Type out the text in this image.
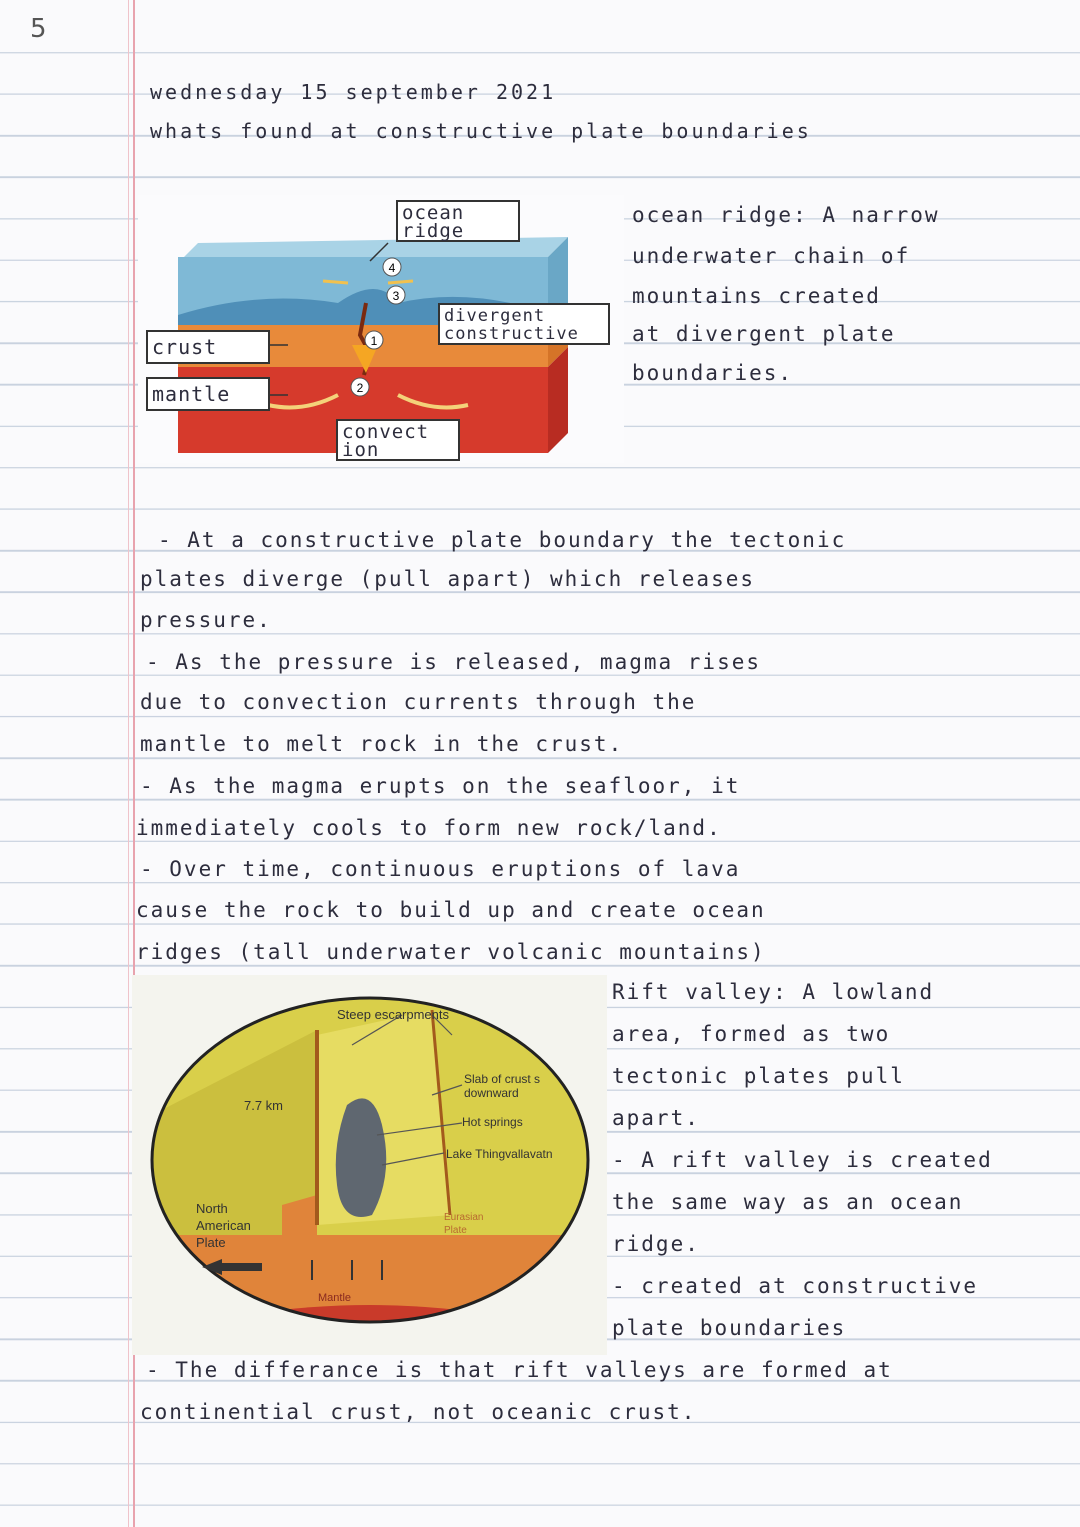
5
wednesday 15 september 2021
whats found at constructive plate boundaries
4
3
1
2
ocean
ridge
crust
mantle
divergent
constructive
convect
ion
ocean ridge: A narrow
underwater chain of
mountains created
at divergent plate
boundaries.
- At a constructive plate boundary the tectonic
plates diverge (pull apart) which releases
pressure.
- As the pressure is released, magma rises
due to convection currents through the
mantle to melt rock in the crust.
- As the magma erupts on the seafloor, it
immediately cools to form new rock/land.
- Over time, continuous eruptions of lava
cause the rock to build up and create ocean
ridges (tall underwater volcanic mountains)
Steep escarpments
7.7 km
Slab of crust s
downward
Hot springs
Lake Thingvallavatn
North
American
Plate
Eurasian
Plate
Mantle
Rift valley: A lowland
area, formed as two
tectonic plates pull
apart.
- A rift valley is created
the same way as an ocean
ridge.
- created at constructive
plate boundaries
- The differance is that rift valleys are formed at
continential crust, not oceanic crust.
